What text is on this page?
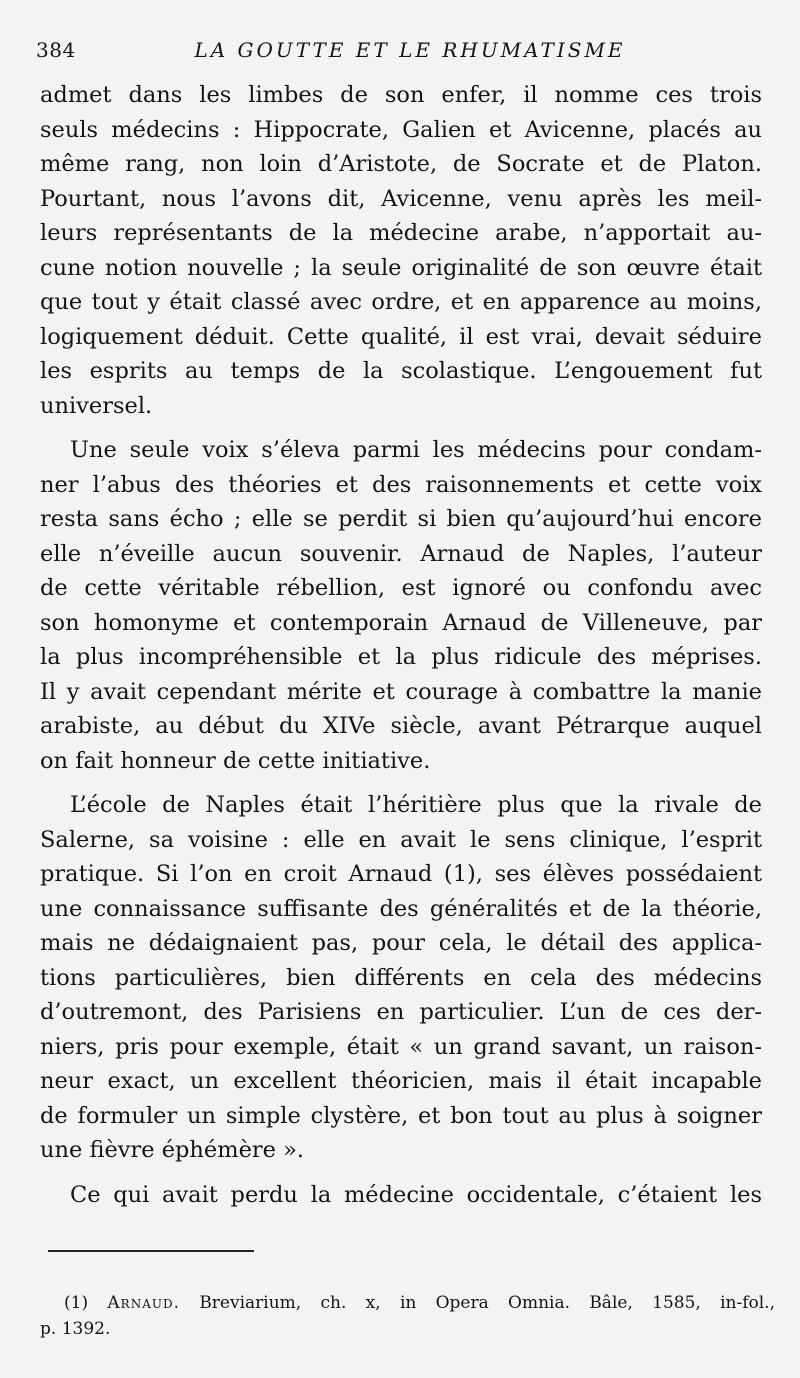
384	LA GOUTTE ET LE RHUMATISME
admet dans les limbes de son enfer, il nomme ces trois
seuls médecins : Hippocrate, Galien et Avicenne, placés au
même rang, non loin d’Aristote, de Socrate et de Platon.
Pourtant, nous l’avons dit, Avicenne, venu après les meil-
leurs représentants de la médecine arabe, n’apportait au-
cune notion nouvelle ; la seule originalité de son œuvre était
que tout y était classé avec ordre, et en apparence au moins,
logiquement déduit. Cette qualité, il est vrai, devait séduire
les esprits au temps de la scolastique. L’engouement fut
universel.
Une seule voix s’éleva parmi les médecins pour condam-
ner l’abus des théories et des raisonnements et cette voix
resta sans écho ; elle se perdit si bien qu’aujourd’hui encore
elle n’éveille aucun souvenir. Arnaud de Naples, l’auteur
de cette véritable rébellion, est ignoré ou confondu avec
son homonyme et contemporain Arnaud de Villeneuve, par
la plus incompréhensible et la plus ridicule des méprises.
Il y avait cependant mérite et courage à combattre la manie
arabiste, au début du XIVe siècle, avant Pétrarque auquel
on fait honneur de cette initiative.
L’école de Naples était l’héritière plus que la rivale de
Salerne, sa voisine : elle en avait le sens clinique, l’esprit
pratique. Si l’on en croit Arnaud (1), ses élèves possédaient
une connaissance suffisante des généralités et de la théorie,
mais ne dédaignaient pas, pour cela, le détail des applica-
tions particulières, bien différents en cela des médecins
d’outremont, des Parisiens en particulier. L’un de ces der-
niers, pris pour exemple, était « un grand savant, un raison-
neur exact, un excellent théoricien, mais il était incapable
de formuler un simple clystère, et bon tout au plus à soigner
une fièvre éphémère ».
Ce qui avait perdu la médecine occidentale, c’étaient les
(1) Arnaud. Breviarium, ch. x, in Opera Omnia. Bâle, 1585, in-fol.,
p. 1392.
